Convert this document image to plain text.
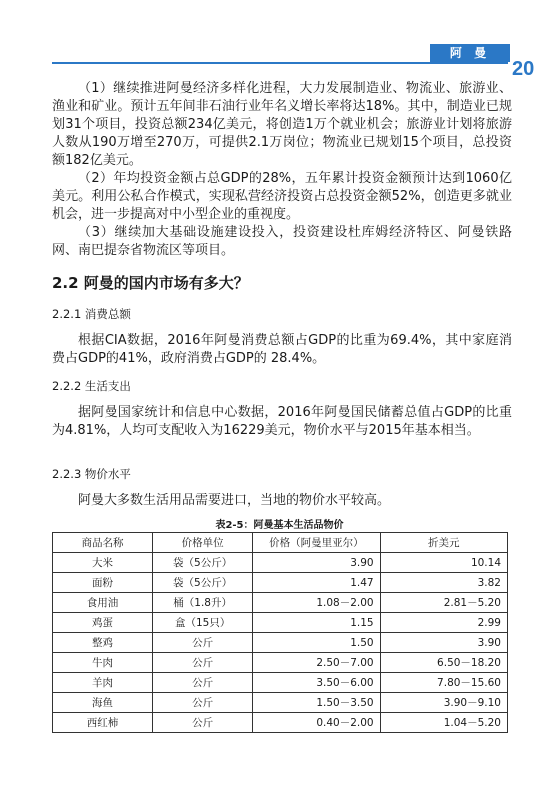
阿 曼
20

（1）继续推进阿曼经济多样化进程，大力发展制造业、物流业、旅游业、渔业和矿业。预计五年间非石油行业年名义增长率将达18%。其中，制造业已规划31个项目，投资总额234亿美元，将创造1万个就业机会；旅游业计划将旅游人数从190万增至270万，可提供2.1万岗位；物流业已规划15个项目，总投资额182亿美元。

（2）年均投资金额占总GDP的28%，五年累计投资金额预计达到1060亿美元。利用公私合作模式，实现私营经济投资占总投资金额52%，创造更多就业机会，进一步提高对中小型企业的重视度。

（3）继续加大基础设施建设投入，投资建设杜库姆经济特区、阿曼铁路网、南巴提奈省物流区等项目。

2.2 阿曼的国内市场有多大？
2.2.1 消费总额

根据CIA数据，2016年阿曼消费总额占GDP的比重为69.4%，其中家庭消费占GDP的41%，政府消费占GDP的 28.4%。

2.2.2 生活支出

据阿曼国家统计和信息中心数据，2016年阿曼国民储蓄总值占GDP的比重为4.81%，人均可支配收入为16229美元，物价水平与2015年基本相当。

2.2.3 物价水平

阿曼大多数生活用品需要进口，当地的物价水平较高。

表2-5：阿曼基本生活品物价
商品名称	价格单位	价格（阿曼里亚尔）	折美元
大米	袋（5公斤）	3.90	10.14
面粉	袋（5公斤）	1.47	3.82
食用油	桶（1.8升）	1.08－2.00	2.81－5.20
鸡蛋	盒（15只）	1.15	2.99
整鸡	公斤	1.50	3.90
牛肉	公斤	2.50－7.00	6.50－18.20
羊肉	公斤	3.50－6.00	7.80－15.60
海鱼	公斤	1.50－3.50	3.90－9.10
西红柿	公斤	0.40－2.00	1.04－5.20
